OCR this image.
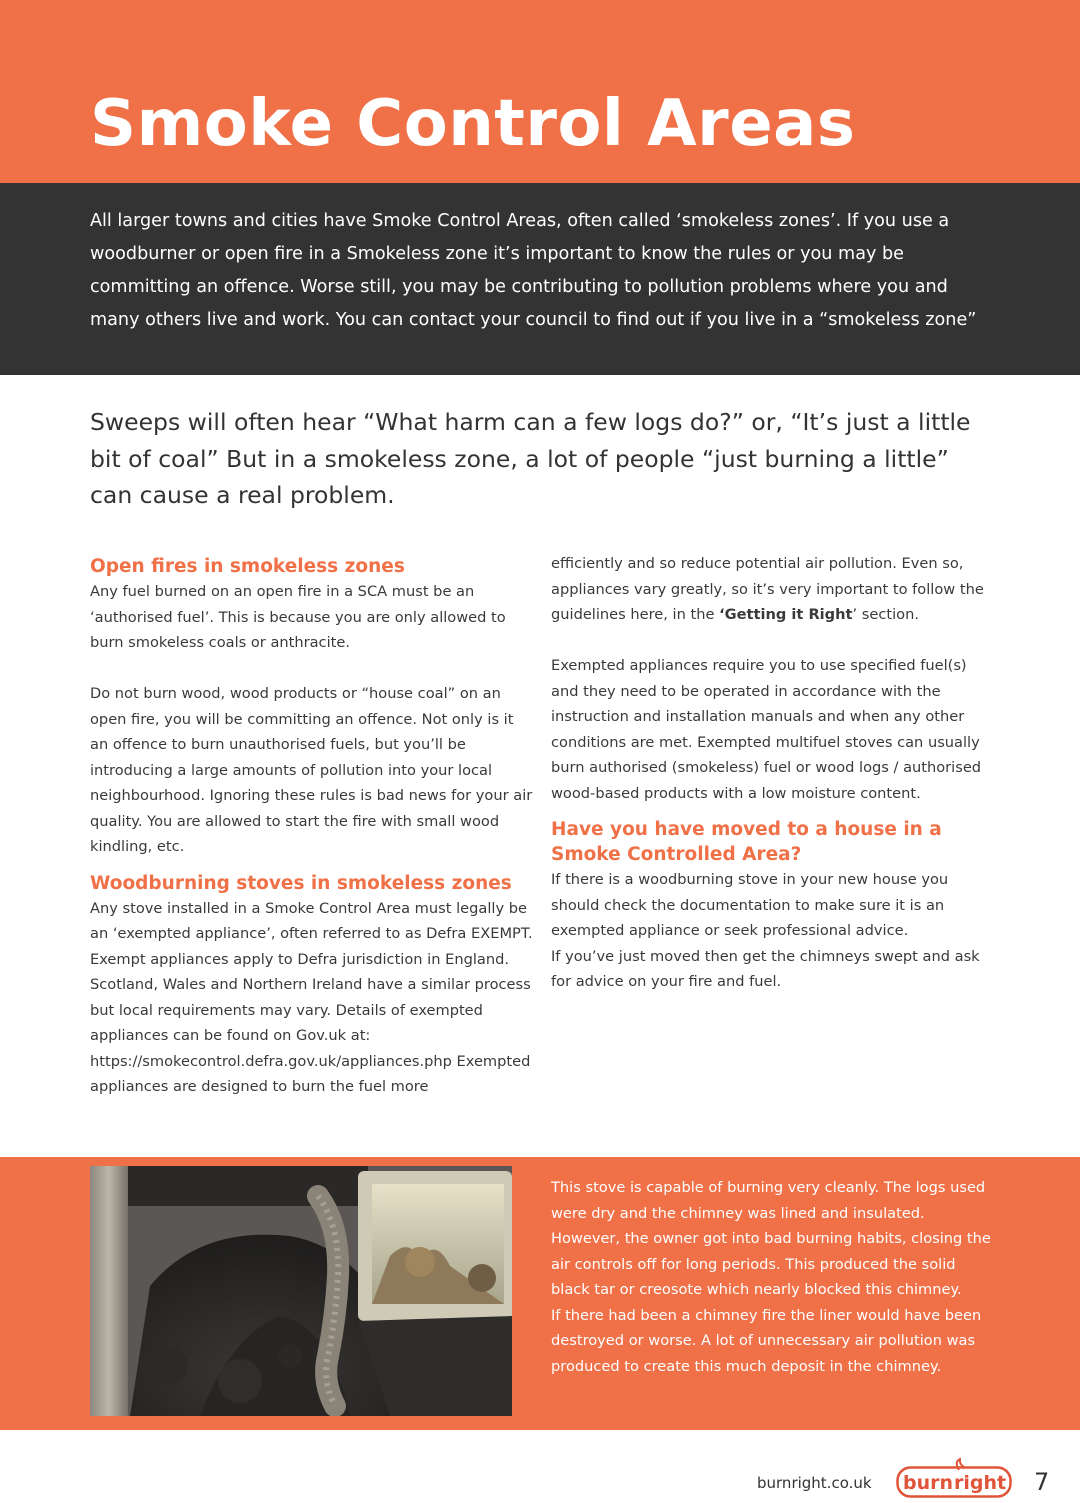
Smoke Control Areas

All larger towns and cities have Smoke Control Areas, often called ‘smokeless zones’. If you use a woodburner or open fire in a Smokeless zone it’s important to know the rules or you may be committing an offence. Worse still, you may be contributing to pollution problems where you and many others live and work. You can contact your council to find out if you live in a “smokeless zone”

Sweeps will often hear “What harm can a few logs do?” or, “It’s just a little bit of coal” But in a smokeless zone, a lot of people “just burning a little” can cause a real problem.

Open fires in smokeless zones

Any fuel burned on an open fire in a SCA must be an ‘authorised fuel’. This is because you are only allowed to burn smokeless coals or anthracite.

Do not burn wood, wood products or “house coal” on an open fire, you will be committing an offence. Not only is it an offence to burn unauthorised fuels, but you’ll be introducing a large amounts of pollution into your local neighbourhood. Ignoring these rules is bad news for your air quality. You are allowed to start the fire with small wood kindling, etc.

Woodburning stoves in smokeless zones

Any stove installed in a Smoke Control Area must legally be an ‘exempted appliance’, often referred to as Defra EXEMPT. Exempt appliances apply to Defra jurisdiction in England. Scotland, Wales and Northern Ireland have a similar process but local requirements may vary. Details of exempted appliances can be found on Gov.uk at: https://smokecontrol.defra.gov.uk/appliances.php Exempted appliances are designed to burn the fuel more

efficiently and so reduce potential air pollution. Even so, appliances vary greatly, so it’s very important to follow the guidelines here, in the ‘Getting it Right’ section.

Exempted appliances require you to use specified fuel(s) and they need to be operated in accordance with the instruction and installation manuals and when any other conditions are met. Exempted multifuel stoves can usually burn authorised (smokeless) fuel or wood logs / authorised wood-based products with a low moisture content.

Have you have moved to a house in a Smoke Controlled Area?

If there is a woodburning stove in your new house you should check the documentation to make sure it is an exempted appliance or seek professional advice.

If you’ve just moved then get the chimneys swept and ask for advice on your fire and fuel.

This stove is capable of burning very cleanly. The logs used were dry and the chimney was lined and insulated. However, the owner got into bad burning habits, closing the air controls off for long periods. This produced the solid black tar or creosote which nearly blocked this chimney.

If there had been a chimney fire the liner would have been destroyed or worse. A lot of unnecessary air pollution was produced to create this much deposit in the chimney.

burnright.co.uk burn right 7
